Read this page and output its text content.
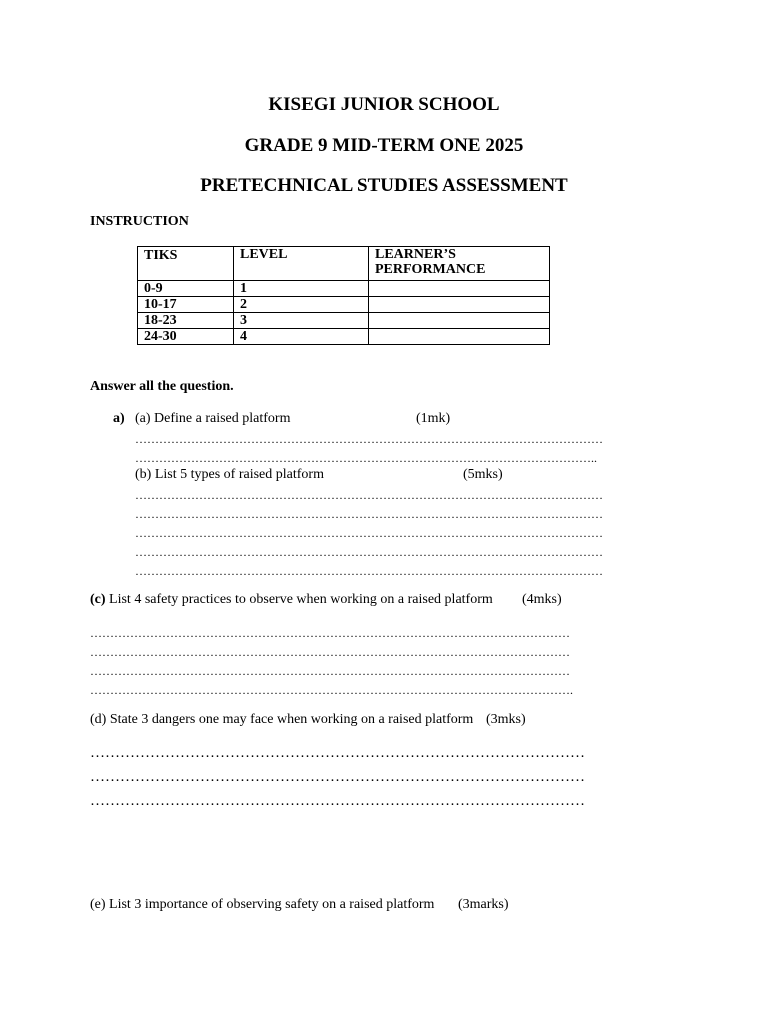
KISEGI JUNIOR SCHOOL
GRADE 9 MID-TERM ONE 2025
PRETECHNICAL STUDIES ASSESSMENT
INSTRUCTION
TIKS	LEVEL	LEARNER’S PERFORMANCE
0-9	1	
10-17	2	
18-23	3	
24-30	4	
Answer all the question.
a) (a) Define a raised platform	(1mk)
………………………………………………………………………………………………………
……………………………………………………………………………………………………..
(b) List 5 types of raised platform	(5mks)
………………………………………………………………………………………………………
………………………………………………………………………………………………………
………………………………………………………………………………………………………
………………………………………………………………………………………………………
………………………………………………………………………………………………………
(c) List 4 safety practices to observe when working on a raised platform (4mks)
…………………………………………………………………………………………………………
…………………………………………………………………………………………………………
…………………………………………………………………………………………………………
………………………………………………………………………………………………………….
(d) State 3 dangers one may face when working on a raised platform (3mks)
………………………………………………………………………………………
………………………………………………………………………………………
………………………………………………………………………………………
(e) List 3 importance of observing safety on a raised platform (3marks)
